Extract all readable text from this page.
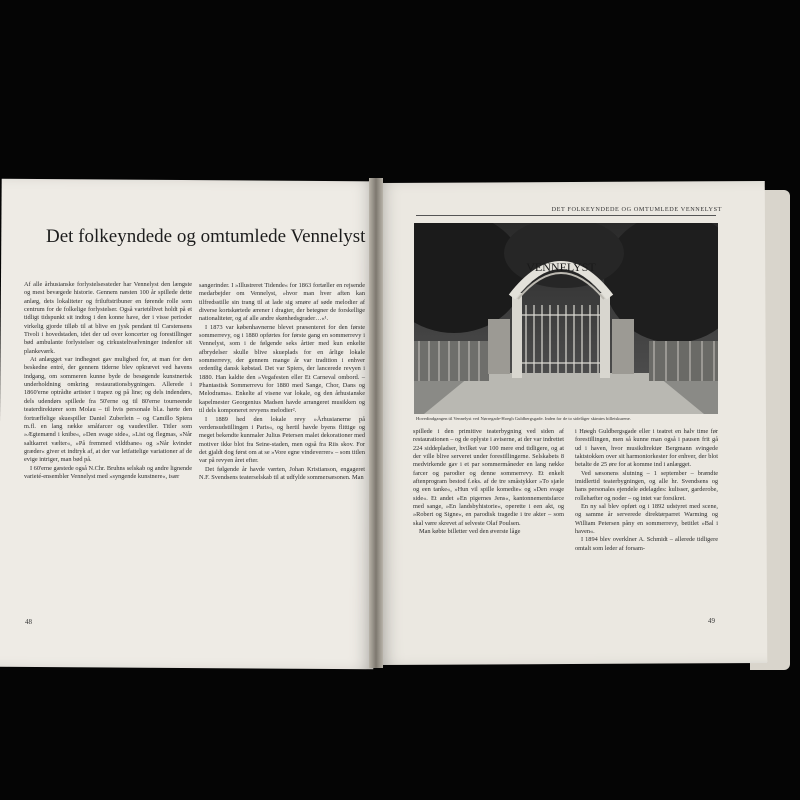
Det folkeyndede og omtumlede Vennelyst

Af alle århusianske forlystelsessteder har Vennelyst den længste og mest bevægede historie. Gennem næsten 100 år spillede dette anlæg, dets lokaliteter og friluftstribuner en førende rolle som centrum for de folkelige forlystelser. Også varietélivet holdt på et tidligt tidspunkt sit indtog i den konne have, der i visse perioder virkelig gjorde tilløb til at blive en jysk pendant til Carstensens Tivoli i hovedstaden, idet der ud over koncerter og forestillinger bød ambulante forlystelser og cirkusteltvælvninger indenfor sit plankeværk.

At anlægget var indhegnet gav mulighed for, at man for den beskedne entré, der gennem tiderne blev opkrævet ved havens indgang, om sommeren kunne byde de besøgende kunstnerisk underholdning omkring restaurationsbygningen. Allerede i 1860'erne optrådte artister i trapez og på line; og dels indendørs, dels udendørs spillede fra 50'erne og til 80'erne tourneende teaterdirektører som Molau – til hvis personale bl.a. hørte den fortræffelige skuespiller Daniel Zuberlein – og Camillo Spiera m.fl. en lang række småfarcer og vaudeviller. Titler som »Ægtemænd i knibe«, »Den svage side«, »List og flegmas, »Når saltkarret vælter«, »På fremmed vildtbane« og »Når kvinder græder« giver et indtryk af, at der var letfattelige variationer af de evige intriger, man bød på.

I 60'erne gæstede også N.Chr. Bruhns selskab og andre lignende varieté-ensembler Vennelyst med »syngende kunstnere«, især

sangerinder. I »Illustreret Tidende« for 1863 fortæller en rejsende medarbejder om Vennelyst, »hvor man hver aften kan tilfredsstille sin trang til at lade sig smøre af søde melodier af diverse kortskørtede ærener i dragter, der betegner de forskellige nationaliteter, og af alle andre skønhedsgrader…«¹.

I 1873 var københavnerne blevet præsenteret for den første sommerrevy, og i 1880 opførtes for første gang en sommerrevy i Vennelyst, som i de følgende seks årtier med kun enkelte afbrydelser skulle blive skueplads for en årlige lokale sommerrevy, der gennem mange år var tradition i enhver ordentlig dansk købstad. Det var Spiers, der lancerede revyen i 1880. Han kaldte den »Vegafesten eller Et Carneval ombord. – Phantastisk Sommerrevu for 1880 med Sange, Chor, Dans og Melodrama«. Enkelte af visene var lokale, og den århusianske kapelmester Georgenius Madsen havde arrangeret musikken og til dels komponeret revyens melodier².

I 1889 hed den lokale revy »Århusianerne på verdensudstillingen i Paris«, og hertil havde byens flittige og meget bekendte kunmaler Julius Petersen malet dekorationer med motiver ikke blot fra Seine-staden, men også fra Riis skov. For det gjaldt dog først om at se »Vore egne vindeverrer« – som titlen var på revyen året efter.

Det følgende år havde værten, Johan Kristianson, engageret N.F. Svendsens teaterselskab til at udfylde sommersæsonen. Man

48
DET FOLKEYNDEDE OG OMTUMLEDE VENNELYST
VENNELYST
Hovedindgangen til Vennelyst ved Nørregade-Hoegh Guldbergsgade. Inden for de to sidelåger skimtes billetskurene.

spillede i den primitive teaterbygning ved siden af restaurationen – og de oplyste i aviserne, at der var indrettet 224 siddepladser, hvilket var 100 mere end tidligere, og at der ville blive serveret under forestillingerne. Selskabets 8 medvirkende gav i et par sommermåneder en lang række farcer og parodier og denne sommerrevy. Et enkelt aftenprogram bestod f.eks. af de tre småstykker »To sjæle og een tanke«, »Hun vil spille komedie« og »Den svage side«. Et andet »En pigernes Jens«, kantonnementsfarce med sange, »En landsbyhistorie«, operette i een akt, og »Robert og Signe«, en parodisk tragedie i tre akter – som skal være skrevet af selveste Olaf Poulsen.

Man købte billetter ved den øverste låge

i Høegh Guldbergsgade eller i teatret en halv time før forestillingen, men så kunne man også i pausen frit gå ud i haven, hvor musikdirektør Bergmann svingede taktstokken over sit harmoniorkester for enhver, der blot betalte de 25 øre for at komme ind i anlægget.

Ved sæsonens slutning – 1 september – brændte imidlertid teaterbygningen, og alle hr. Svendsens og hans personales ejendele ødelagdes: kulisser, garderobe, rollehæfter og noder – og intet var forsikret.

En ny sal blev opført og i 1892 udstyret med scene, og samme år serverede direktørparret Warming og William Petersen påny en sommerrevy, betitlet »Bal i haven«.

I 1894 blev overklner A. Schmidt – allerede tidligere omtalt som leder af forsam-

49
